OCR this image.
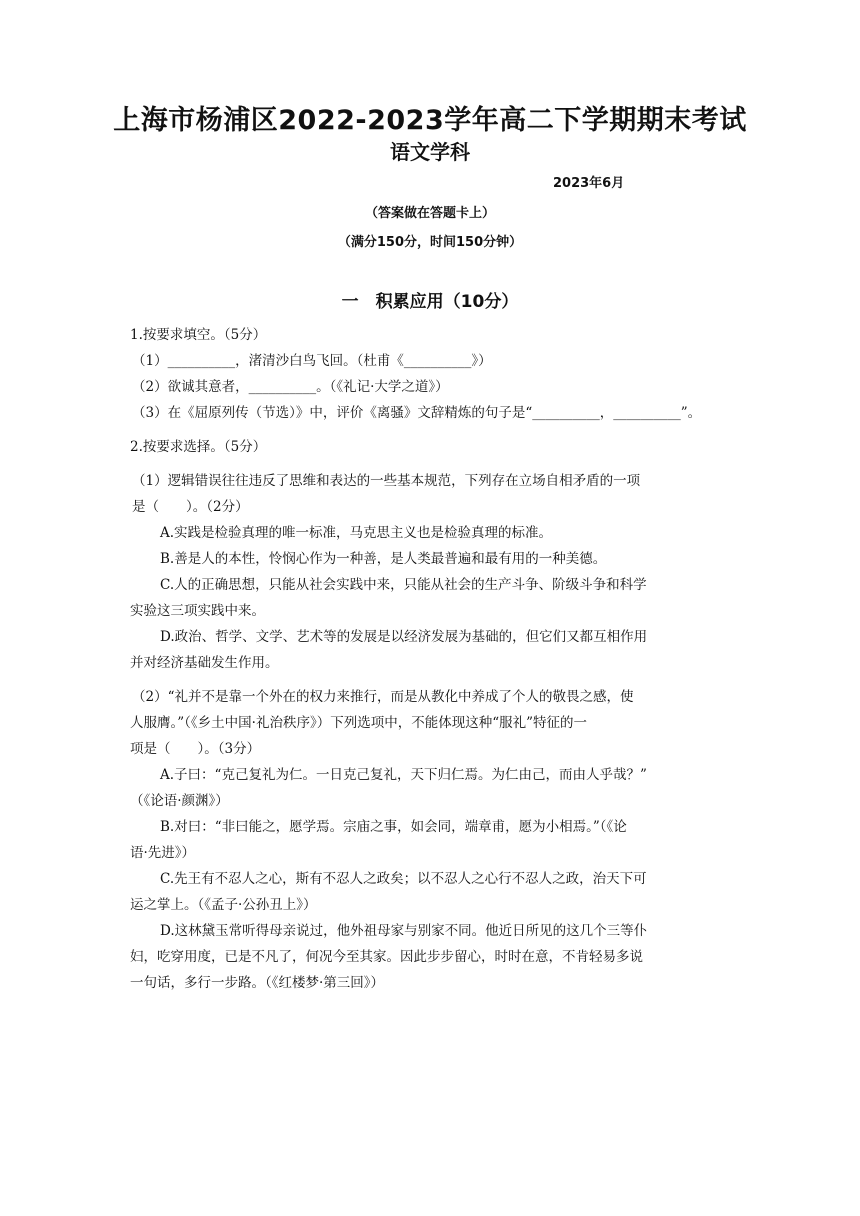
上海市杨浦区2022-2023学年高二下学期期末考试
语文学科
2023年6月
（答案做在答题卡上）
（满分150分，时间150分钟）
一　积累应用（10分）

1.按要求填空。（5分）

（1）__________，渚清沙白鸟飞回。（杜甫《__________》）

（2）欲诚其意者，__________。（《礼记·大学之道》）

（3）在《屈原列传（节选）》中，评价《离骚》文辞精炼的句子是“__________，__________”。

2.按要求选择。（5分）

（1）逻辑错误往往违反了思维和表达的一些基本规范，下列存在立场自相矛盾的一项

是（　　）。（2分）

A.实践是检验真理的唯一标准，马克思主义也是检验真理的标准。

B.善是人的本性，怜悯心作为一种善，是人类最普遍和最有用的一种美德。

C.人的正确思想，只能从社会实践中来，只能从社会的生产斗争、阶级斗争和科学

实验这三项实践中来。

D.政治、哲学、文学、艺术等的发展是以经济发展为基础的，但它们又都互相作用

并对经济基础发生作用。

（2）“礼并不是靠一个外在的权力来推行，而是从教化中养成了个人的敬畏之感，使

人服膺。”（《乡土中国·礼治秩序》）下列选项中，不能体现这种“服礼”特征的一

项是（　　）。（3分）

A.子曰：“克己复礼为仁。一日克己复礼，天下归仁焉。为仁由己，而由人乎哉？”

（《论语·颜渊》）

B.对曰：“非曰能之，愿学焉。宗庙之事，如会同，端章甫，愿为小相焉。”（《论

语·先进》）

C.先王有不忍人之心，斯有不忍人之政矣；以不忍人之心行不忍人之政，治天下可

运之掌上。（《孟子·公孙丑上》）

D.这林黛玉常听得母亲说过，他外祖母家与别家不同。他近日所见的这几个三等仆

妇，吃穿用度，已是不凡了，何况今至其家。因此步步留心，时时在意，不肯轻易多说

一句话，多行一步路。（《红楼梦·第三回》）
